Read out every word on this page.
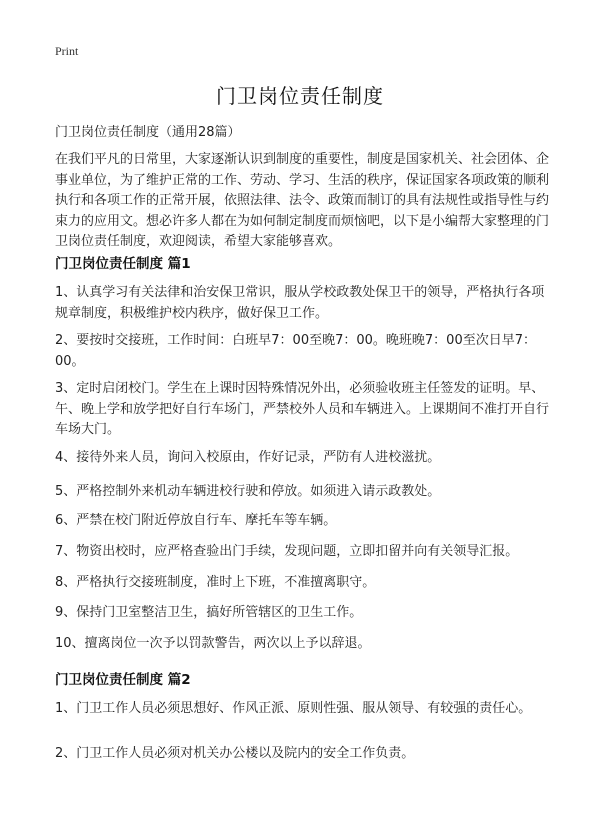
Print
门卫岗位责任制度
门卫岗位责任制度（通用28篇）

在我们平凡的日常里，大家逐渐认识到制度的重要性，制度是国家机关、社会团体、企事业单位，为了维护正常的工作、劳动、学习、生活的秩序，保证国家各项政策的顺利执行和各项工作的正常开展，依照法律、法令、政策而制订的具有法规性或指导性与约束力的应用文。想必许多人都在为如何制定制度而烦恼吧，以下是小编帮大家整理的门卫岗位责任制度，欢迎阅读，希望大家能够喜欢。

门卫岗位责任制度 篇1

1、认真学习有关法律和治安保卫常识，服从学校政教处保卫干的领导，严格执行各项规章制度，积极维护校内秩序，做好保卫工作。

2、要按时交接班，工作时间：白班早7：00至晚7：00。晚班晚7：00至次日早7：00。

3、定时启闭校门。学生在上课时因特殊情况外出，必须验收班主任签发的证明。早、午、晚上学和放学把好自行车场门，严禁校外人员和车辆进入。上课期间不准打开自行车场大门。

4、接待外来人员，询问入校原由，作好记录，严防有人进校滋扰。

5、严格控制外来机动车辆进校行驶和停放。如须进入请示政教处。

6、严禁在校门附近停放自行车、摩托车等车辆。

7、物资出校时，应严格查验出门手续，发现问题，立即扣留并向有关领导汇报。

8、严格执行交接班制度，准时上下班，不准擅离职守。

9、保持门卫室整洁卫生，搞好所管辖区的卫生工作。

10、擅离岗位一次予以罚款警告，两次以上予以辞退。

门卫岗位责任制度 篇2

1、门卫工作人员必须思想好、作风正派、原则性强、服从领导、有较强的责任心。

2、门卫工作人员必须对机关办公楼以及院内的安全工作负责。
